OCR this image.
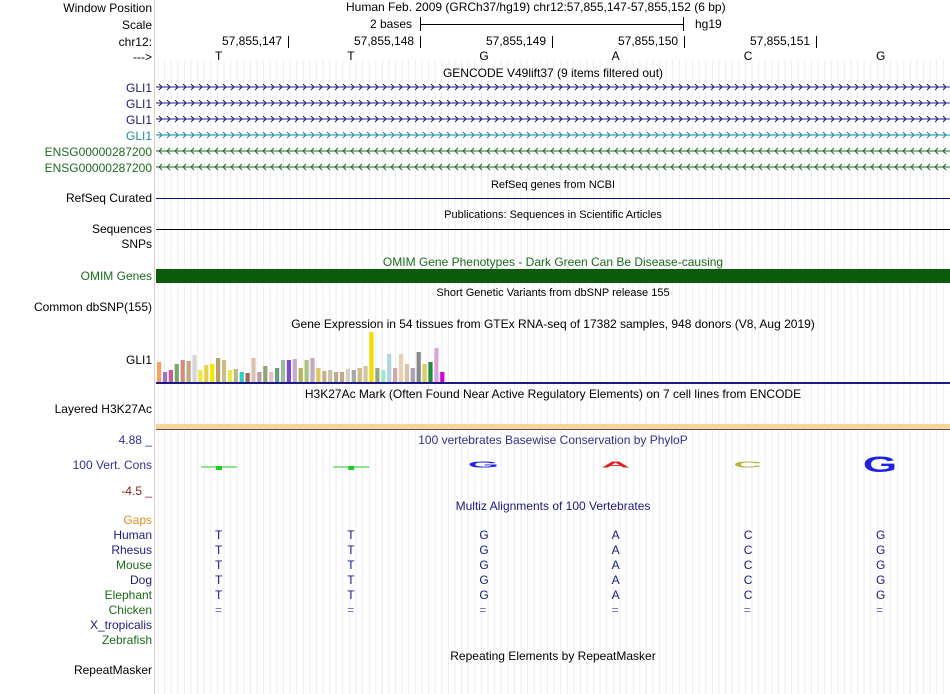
Window Position	Human Feb. 2009 (GRCh37/hg19) chr12:57,855,147-57,855,152 (6 bp)
Scale	2 bases	hg19
chr12:	57,855,147	57,855,148	57,855,149	57,855,150	57,855,151
--->	T	T	G	A	C	G
GENCODE V49lift37 (9 items filtered out)
GLI1
GLI1
GLI1
GLI1
ENSG00000287200
ENSG00000287200
RefSeq genes from NCBI
RefSeq Curated
Publications: Sequences in Scientific Articles
Sequences
SNPs
OMIM Gene Phenotypes - Dark Green Can Be Disease-causing
OMIM Genes
Short Genetic Variants from dbSNP release 155
Common dbSNP(155)
Gene Expression in 54 tissues from GTEx RNA-seq of 17382 samples, 948 donors (V8, Aug 2019)
GLI1
H3K27Ac Mark (Often Found Near Active Regulatory Elements) on 7 cell lines from ENCODE
Layered H3K27Ac
100 vertebrates Basewise Conservation by PhyloP
4.88 _
100 Vert. Cons
-4.5 _
G	A	C	G
Multiz Alignments of 100 Vertebrates
Gaps
Human	T	T	G	A	C	G
Rhesus	T	T	G	A	C	G
Mouse	T	T	G	A	C	G
Dog	T	T	G	A	C	G
Elephant	T	T	G	A	C	G
Chicken	=	=	=	=	=	=
X_tropicalis
Zebrafish
Repeating Elements by RepeatMasker
RepeatMasker
